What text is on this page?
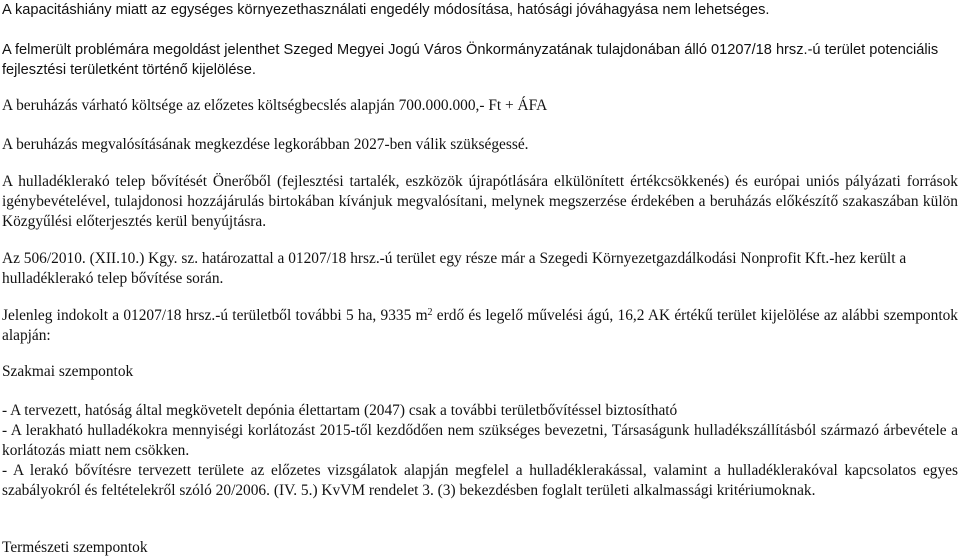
A kapacitáshiány miatt az egységes környezethasználati engedély módosítása, hatósági jóváhagyása nem lehetséges.

A felmerült problémára megoldást jelenthet Szeged Megyei Jogú Város Önkormányzatának tulajdonában álló 01207/18 hrsz.-ú terület potenciális fejlesztési területként történő kijelölése.

A beruházás várható költsége az előzetes költségbecslés alapján 700.000.000,- Ft + ÁFA

A beruházás megvalósításának megkezdése legkorábban 2027-ben válik szükségessé.

A hulladéklerakó telep bővítését Önerőből (fejlesztési tartalék, eszközök újrapótlására elkülönített értékcsökkenés) és európai uniós pályázati források igénybevételével, tulajdonosi hozzájárulás birtokában kívánjuk megvalósítani, melynek megszerzése érdekében a beruházás előkészítő szakaszában külön Közgyűlési előterjesztés kerül benyújtásra.

Az 506/2010. (XII.10.) Kgy. sz. határozattal a 01207/18 hrsz.-ú terület egy része már a Szegedi Környezetgazdálkodási Nonprofit Kft.-hez került a hulladéklerakó telep bővítése során.

Jelenleg indokolt a 01207/18 hrsz.-ú területből további 5 ha, 9335 $m^2$ erdő és legelő művelési ágú, 16,2 AK értékű terület kijelölése az alábbi szempontok alapján:

Szakmai szempontok

- A tervezett, hatóság által megkövetelt depónia élettartam (2047) csak a további területbővítéssel biztosítható
- A lerakható hulladékokra mennyiségi korlátozást 2015-től kezdődően nem szükséges bevezetni, Társaságunk hulladékszállításból származó árbevétele a korlátozás miatt nem csökken.
- A lerakó bővítésre tervezett területe az előzetes vizsgálatok alapján megfelel a hulladéklerakással, valamint a hulladéklerakóval kapcsolatos egyes szabályokról és feltételekről szóló 20/2006. (IV. 5.) KvVM rendelet 3. (3) bekezdésben foglalt területi alkalmassági kritériumoknak.

Természeti szempontok
